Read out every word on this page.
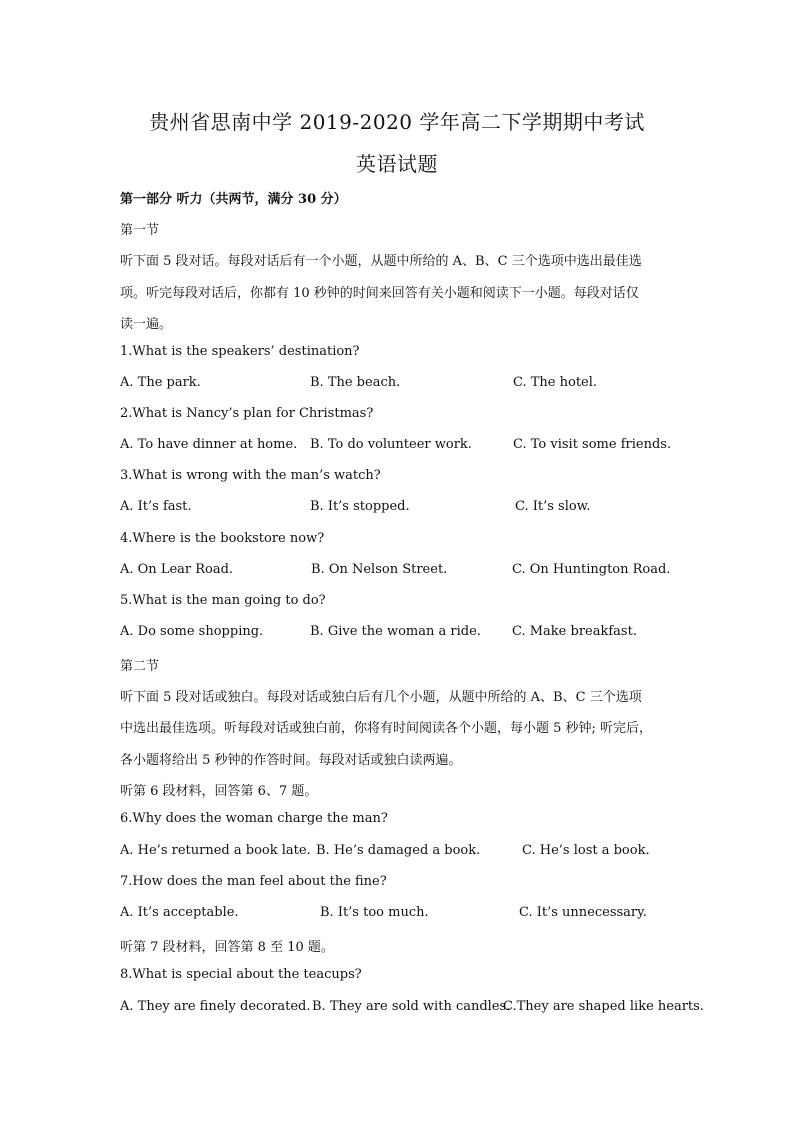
贵州省思南中学 2019-2020 学年高二下学期期中考试
英语试题
第一部分 听力（共两节，满分 30 分）
第一节
听下面 5 段对话。每段对话后有一个小题，从题中所给的 A、B、C 三个选项中选出最佳选
项。听完每段对话后，你都有 10 秒钟的时间来回答有关小题和阅读下一小题。每段对话仅
读一遍。
1.What is the speakers’ destination?
A. The park.	B. The beach.	C. The hotel.
2.What is Nancy’s plan for Christmas?
A. To have dinner at home. B. To do volunteer work.	C. To visit some friends.
3.What is wrong with the man’s watch?
A. It’s fast.	B. It’s stopped.	C. It’s slow.
4.Where is the bookstore now?
A. On Lear Road.	B. On Nelson Street.	C. On Huntington Road.
5.What is the man going to do?
A. Do some shopping.	B. Give the woman a ride. C. Make breakfast.
第二节
听下面 5 段对话或独白。每段对话或独白后有几个小题，从题中所给的 A、B、C 三个选项
中选出最佳选项。听每段对话或独白前，你将有时间阅读各个小题，每小题 5 秒钟; 听完后，
各小题将给出 5 秒钟的作答时间。每段对话或独白读两遍。
听第 6 段材料，回答第 6、7 题。
6.Why does the woman charge the man?
A. He’s returned a book late. B. He’s damaged a book.	C. He’s lost a book.
7.How does the man feel about the fine?
A. It’s acceptable.	B. It’s too much.	C. It’s unnecessary.
听第 7 段材料，回答第 8 至 10 题。
8.What is special about the teacups?
A. They are finely decorated. B. They are sold with candles.
C.They are shaped like hearts.
